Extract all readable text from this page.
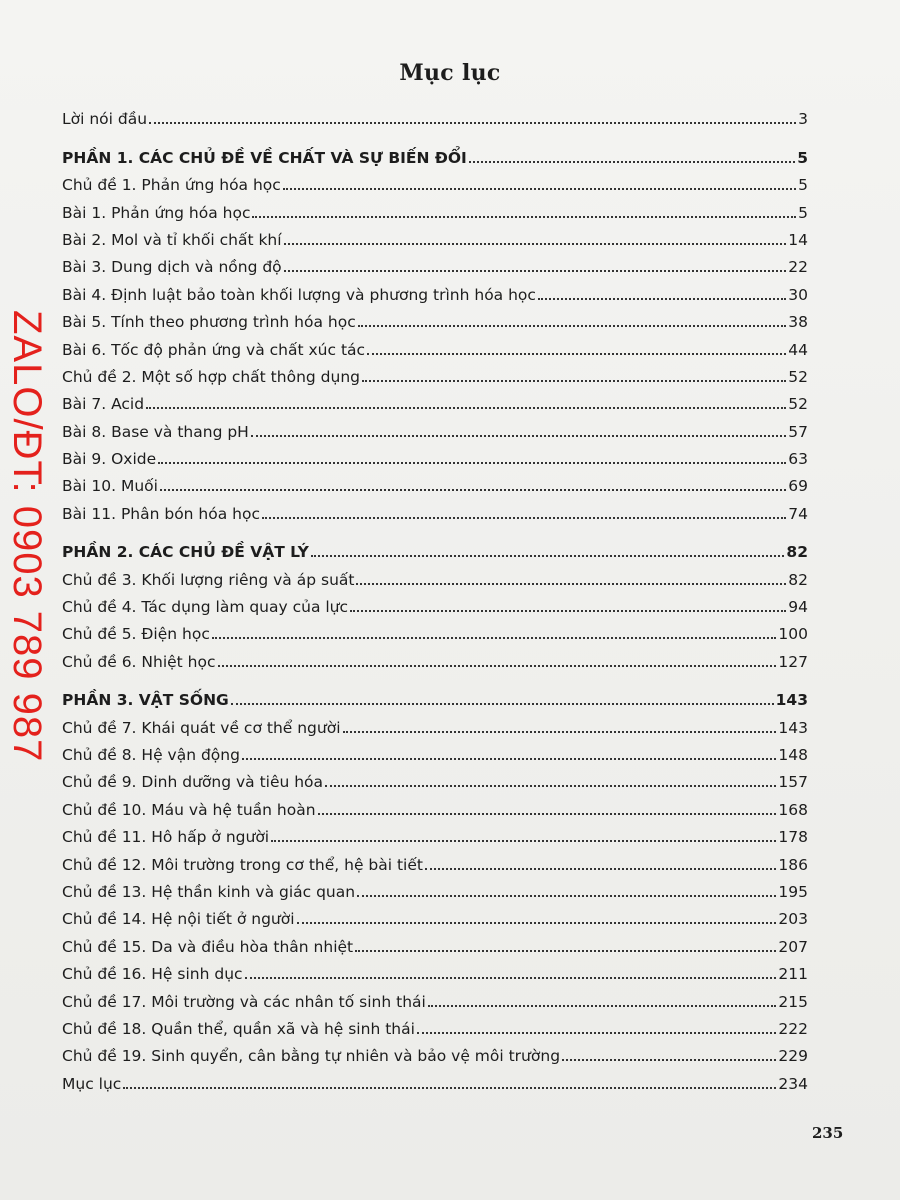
Mục lục
ZALO/ĐT: 0903 789 987
Lời nói đầu	3
PHẦN 1. CÁC CHỦ ĐỀ VỀ CHẤT VÀ SỰ BIẾN ĐỔI	5
Chủ đề 1. Phản ứng hóa học	5
Bài 1. Phản ứng hóa học	5
Bài 2. Mol và tỉ khối chất khí	14
Bài 3. Dung dịch và nồng độ	22
Bài 4. Định luật bảo toàn khối lượng và phương trình hóa học	30
Bài 5. Tính theo phương trình hóa học	38
Bài 6. Tốc độ phản ứng và chất xúc tác	44
Chủ đề 2. Một số hợp chất thông dụng	52
Bài 7. Acid	52
Bài 8. Base và thang pH	57
Bài 9. Oxide	63
Bài 10. Muối	69
Bài 11. Phân bón hóa học	74
PHẦN 2. CÁC CHỦ ĐỀ VẬT LÝ	82
Chủ đề 3. Khối lượng riêng và áp suất	82
Chủ đề 4. Tác dụng làm quay của lực	94
Chủ đề 5. Điện học	100
Chủ đề 6. Nhiệt học	127
PHẦN 3. VẬT SỐNG	143
Chủ đề 7. Khái quát về cơ thể người	143
Chủ đề 8. Hệ vận động	148
Chủ đề 9. Dinh dưỡng và tiêu hóa	157
Chủ đề 10. Máu và hệ tuần hoàn	168
Chủ đề 11. Hô hấp ở người	178
Chủ đề 12. Môi trường trong cơ thể, hệ bài tiết	186
Chủ đề 13. Hệ thần kinh và giác quan	195
Chủ đề 14. Hệ nội tiết ở người	203
Chủ đề 15. Da và điều hòa thân nhiệt	207
Chủ đề 16. Hệ sinh dục	211
Chủ đề 17. Môi trường và các nhân tố sinh thái	215
Chủ đề 18. Quần thể, quần xã và hệ sinh thái	222
Chủ đề 19. Sinh quyển, cân bằng tự nhiên và bảo vệ môi trường	229
Mục lục	234
235
